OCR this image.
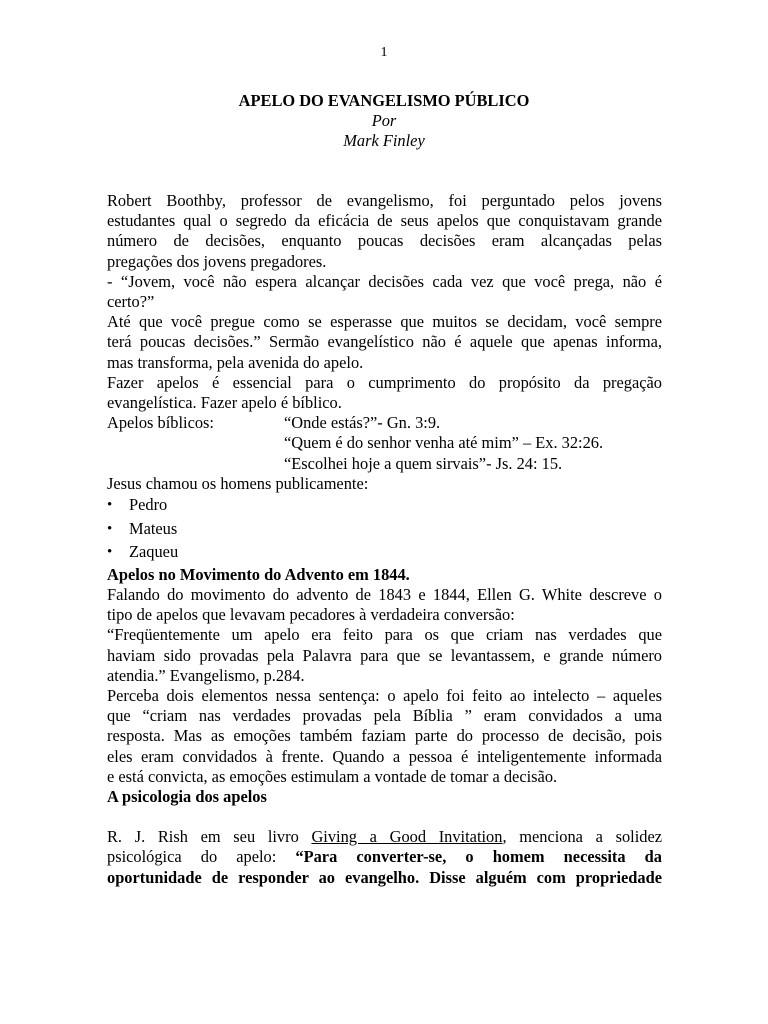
1
APELO DO EVANGELISMO PÚBLICO
Por
Mark Finley
Robert Boothby, professor de evangelismo, foi perguntado pelos jovens
estudantes qual o segredo da eficácia de seus apelos que conquistavam grande
número de decisões, enquanto poucas decisões eram alcançadas pelas
pregações dos jovens pregadores.
- “Jovem, você não espera alcançar decisões cada vez que você prega, não é
certo?”
Até que você pregue como se esperasse que muitos se decidam, você sempre
terá poucas decisões.” Sermão evangelístico não é aquele que apenas informa,
mas transforma, pela avenida do apelo.
Fazer apelos é essencial para o cumprimento do propósito da pregação
evangelística. Fazer apelo é bíblico.
Apelos bíblicos:	“Onde estás?”- Gn. 3:9.
“Quem é do senhor venha até mim” – Ex. 32:26.
“Escolhei hoje a quem sirvais”- Js. 24: 15.
Jesus chamou os homens publicamente:
• Pedro
• Mateus
• Zaqueu
Apelos no Movimento do Advento em 1844.
Falando do movimento do advento de 1843 e 1844, Ellen G. White descreve o
tipo de apelos que levavam pecadores à verdadeira conversão:
“Freqüentemente um apelo era feito para os que criam nas verdades que
haviam sido provadas pela Palavra para que se levantassem, e grande número
atendia.” Evangelismo, p.284.
Perceba dois elementos nessa sentença: o apelo foi feito ao intelecto – aqueles
que “criam nas verdades provadas pela Bíblia ” eram convidados a uma
resposta. Mas as emoções também faziam parte do processo de decisão, pois
eles eram convidados à frente. Quando a pessoa é inteligentemente informada
e está convicta, as emoções estimulam a vontade de tomar a decisão.
A psicologia dos apelos
R. J. Rish em seu livro Giving a Good Invitation, menciona a solidez
psicológica do apelo: “Para converter-se, o homem necessita da
oportunidade de responder ao evangelho. Disse alguém com propriedade
